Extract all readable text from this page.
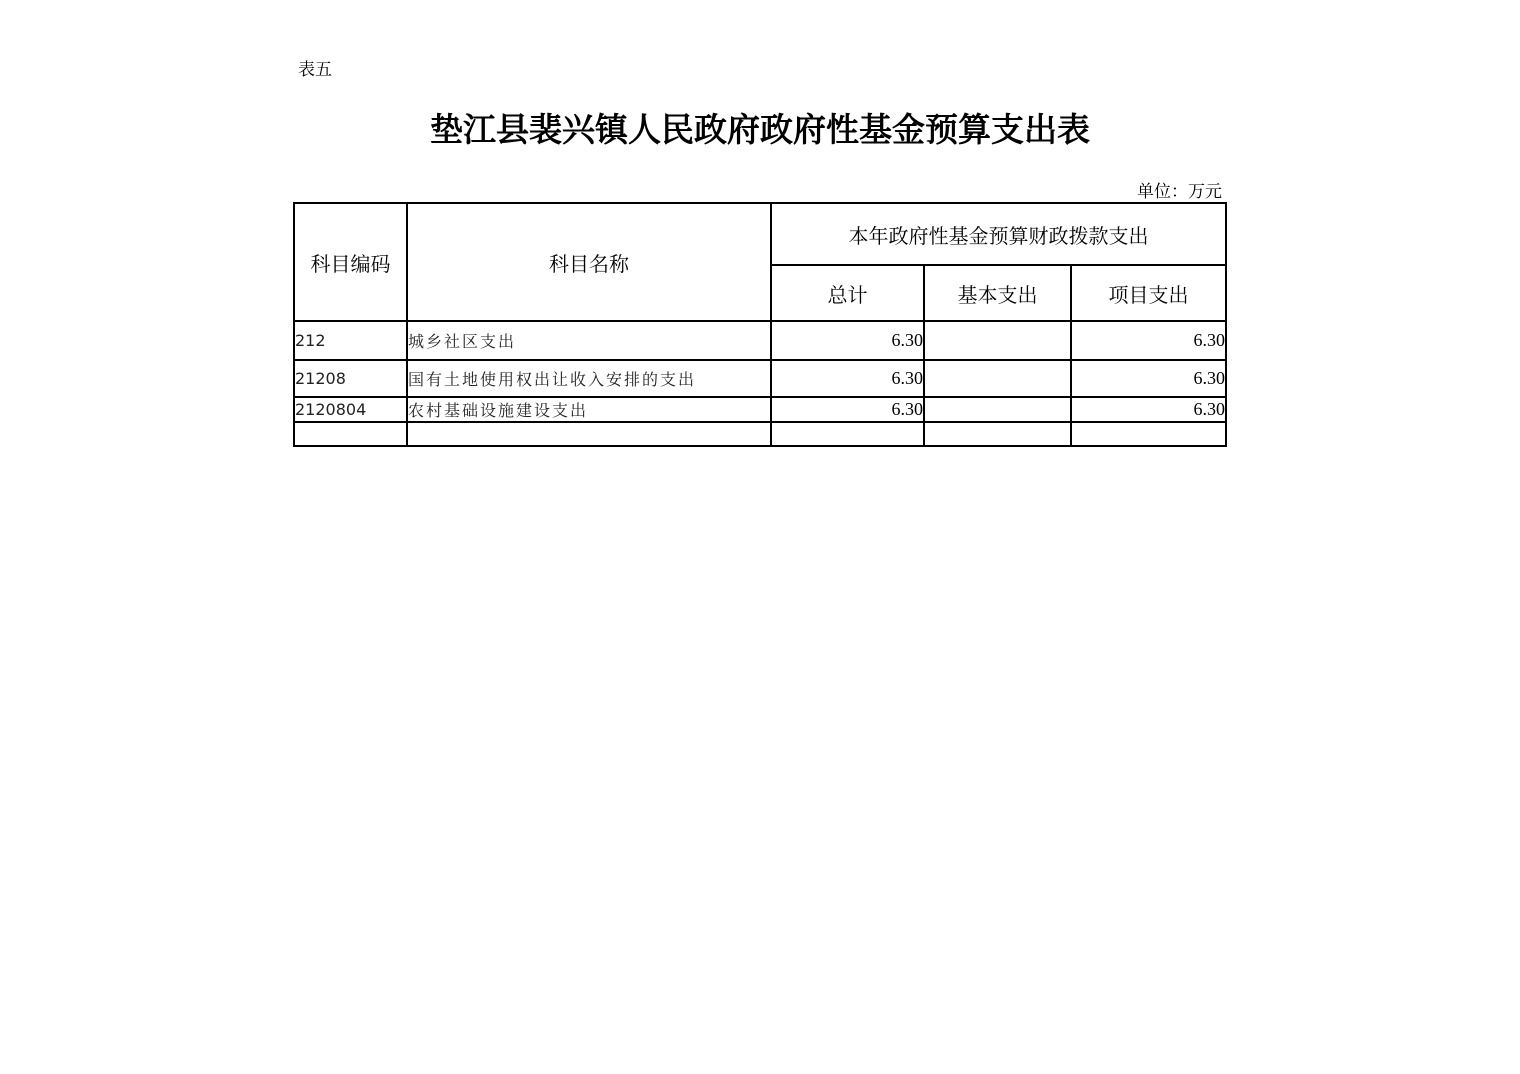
表五
垫江县裴兴镇人民政府政府性基金预算支出表
单位：万元
科目编码	科目名称	本年政府性基金预算财政拨款支出		
		总计	基本支出	项目支出
212	城乡社区支出	6.30		6.30
21208	国有土地使用权出让收入安排的支出	6.30		6.30
2120804	农村基础设施建设支出	6.30		6.30
